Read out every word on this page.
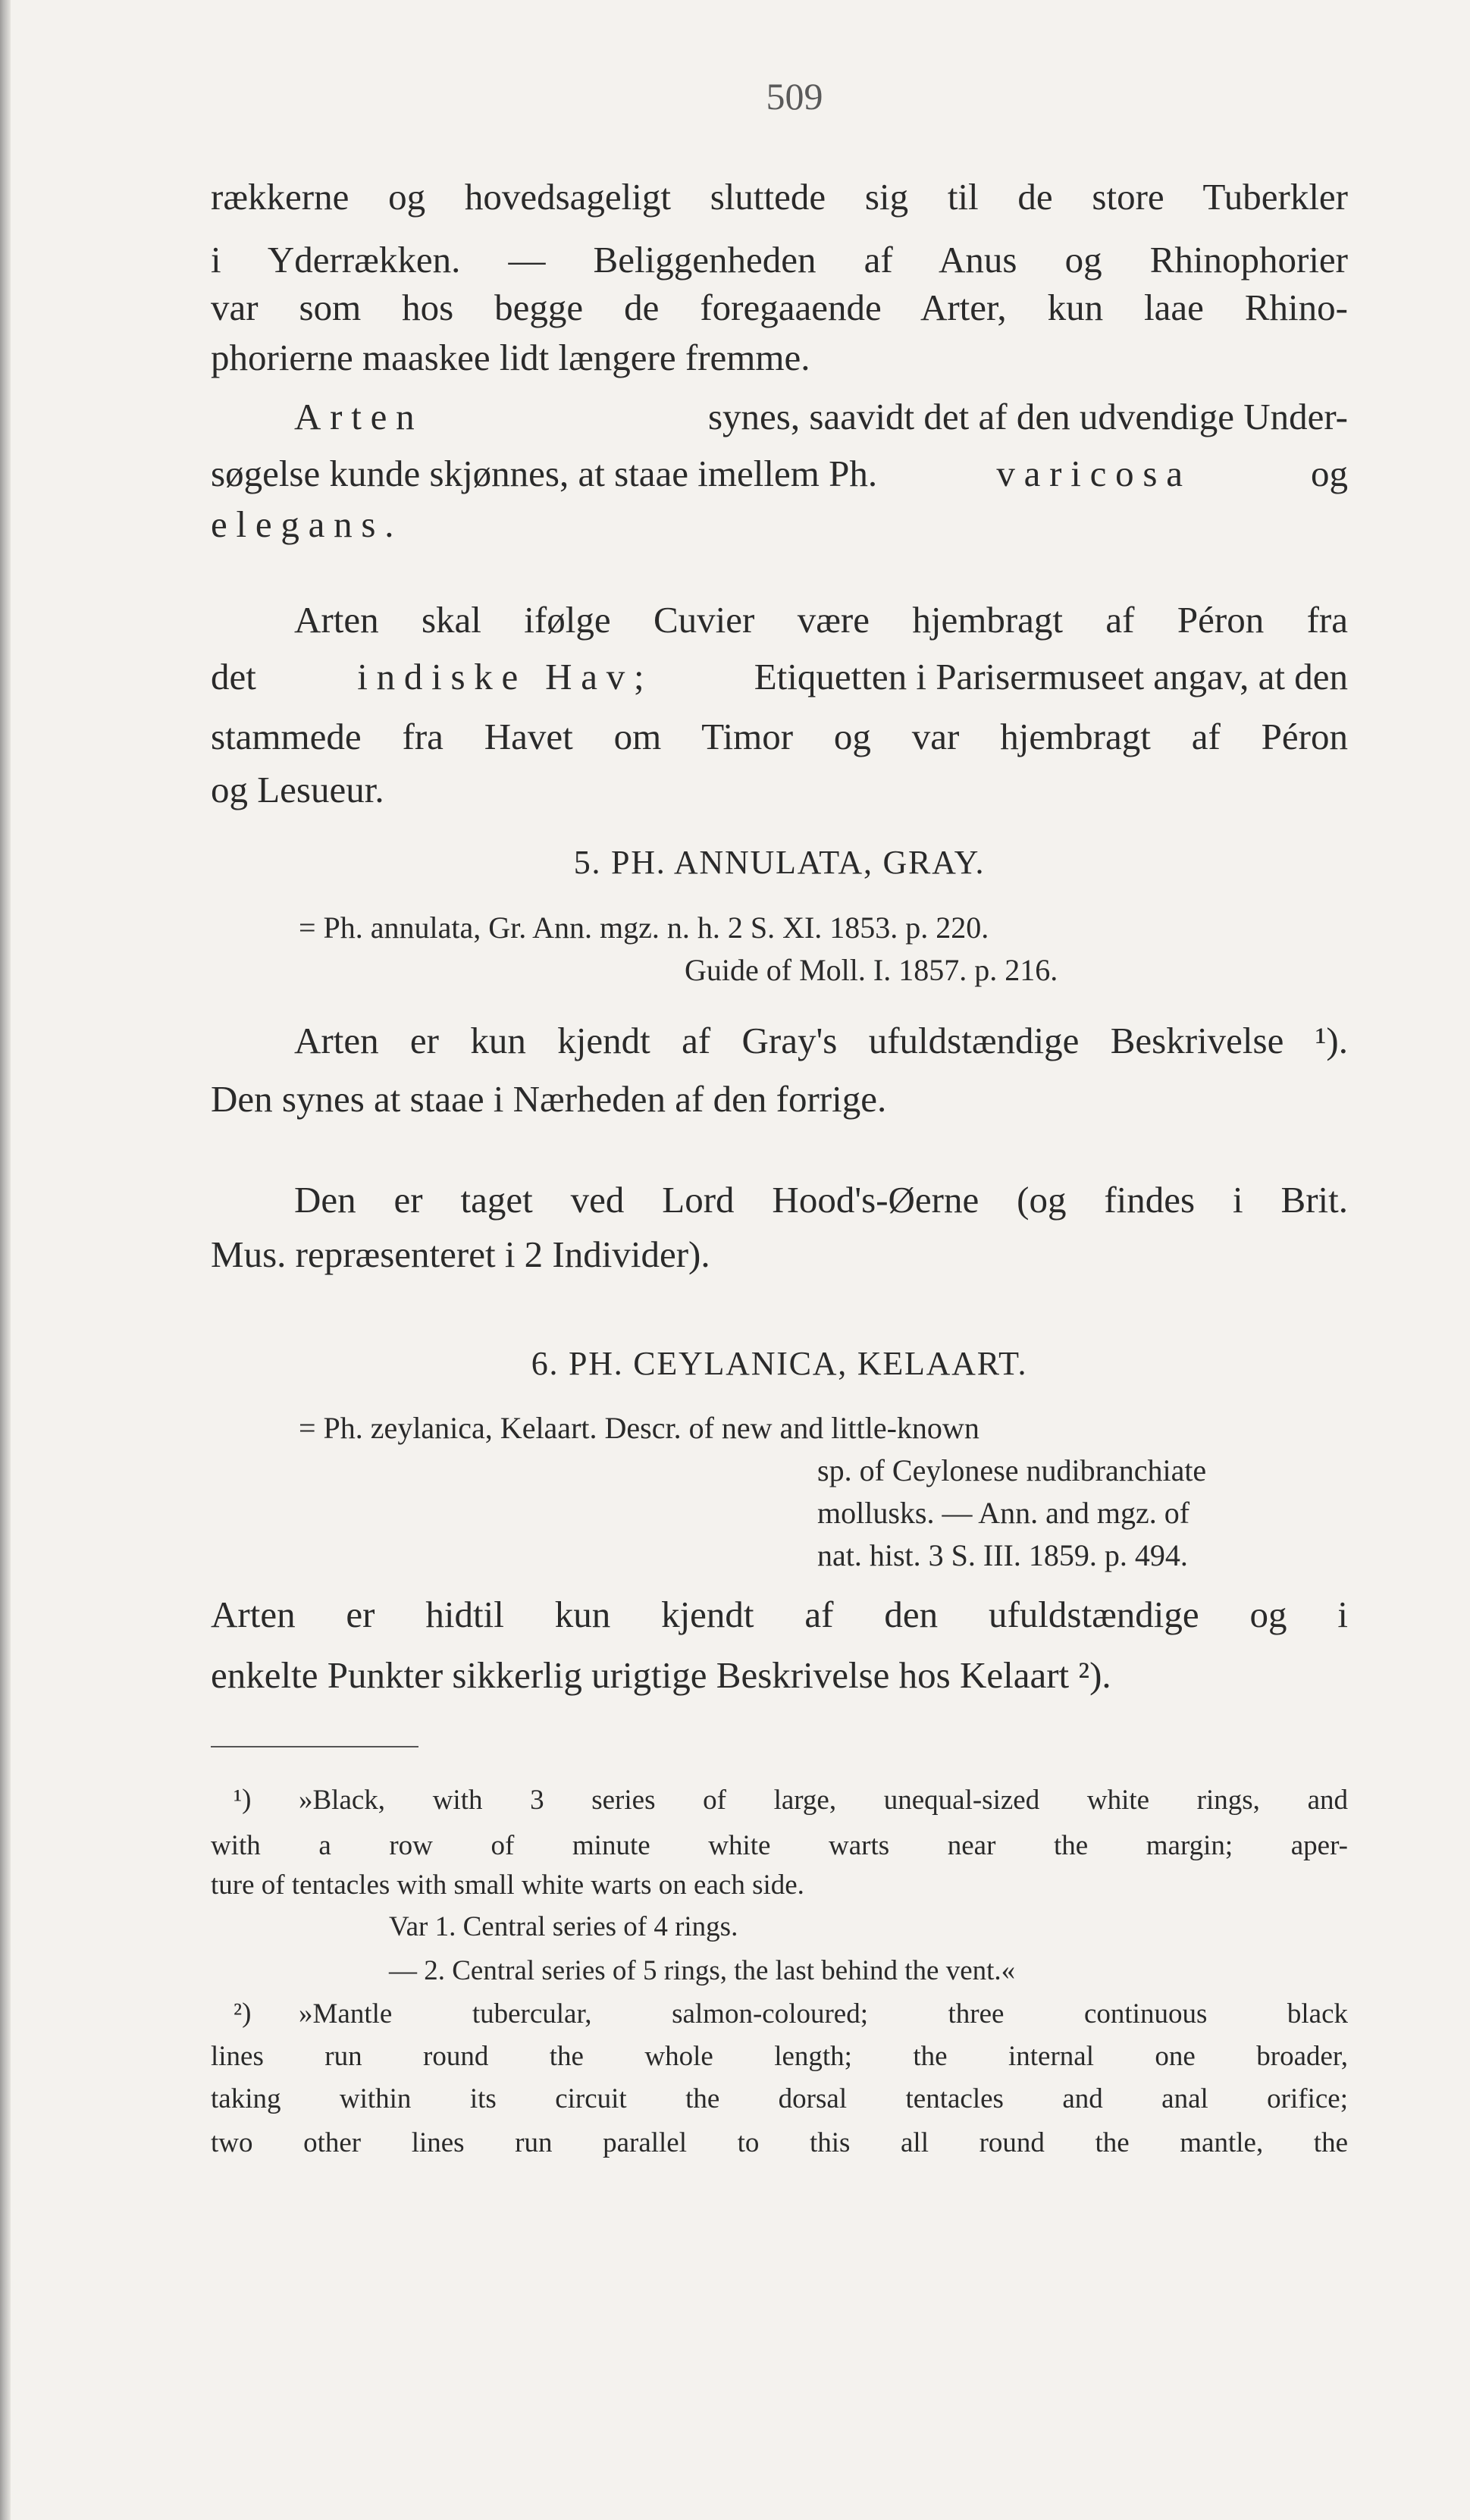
509
rækkerne og hovedsageligt sluttede sig til de store Tuberkler
i Yderrækken. — Beliggenheden af Anus og Rhinophorier
var som hos begge de foregaaende Arter, kun laae Rhino-
phorierne maaskee lidt længere fremme.
Arten	synes, saavidt det af den udvendige Under-
søgelse kunde skjønnes, at staae imellem Ph.	varicosa	og
elegans.
Arten skal ifølge Cuvier være hjembragt af Péron fra
det	indiske Hav;	Etiquetten i Parisermuseet angav, at den
stammede fra Havet om Timor og var hjembragt af Péron
og Lesueur.
5. PH. ANNULATA, GRAY.
= Ph. annulata, Gr. Ann. mgz. n. h. 2 S. XI. 1853. p. 220.
Guide of Moll. I. 1857. p. 216.
Arten er kun kjendt af Gray's ufuldstændige Beskrivelse ¹).
Den synes at staae i Nærheden af den forrige.
Den er taget ved Lord Hood's-Øerne (og findes i Brit.
Mus. repræsenteret i 2 Individer).
6. PH. CEYLANICA, KELAART.
= Ph. zeylanica, Kelaart. Descr. of new and little-known
sp. of Ceylonese nudibranchiate
mollusks. — Ann. and mgz. of
nat. hist. 3 S. III. 1859. p. 494.
Arten er hidtil kun kjendt af den ufuldstændige og i
enkelte Punkter sikkerlig urigtige Beskrivelse hos Kelaart ²).
¹) »Black, with 3 series of large, unequal-sized white rings, and
with a row of minute white warts near the margin; aper-
ture of tentacles with small white warts on each side.
Var 1. Central series of 4 rings.
— 2. Central series of 5 rings, the last behind the vent.«
²) »Mantle tubercular, salmon-coloured; three continuous black
lines run round the whole length; the internal one broader,
taking within its circuit the dorsal tentacles and anal orifice;
two other lines run parallel to this all round the mantle, the
